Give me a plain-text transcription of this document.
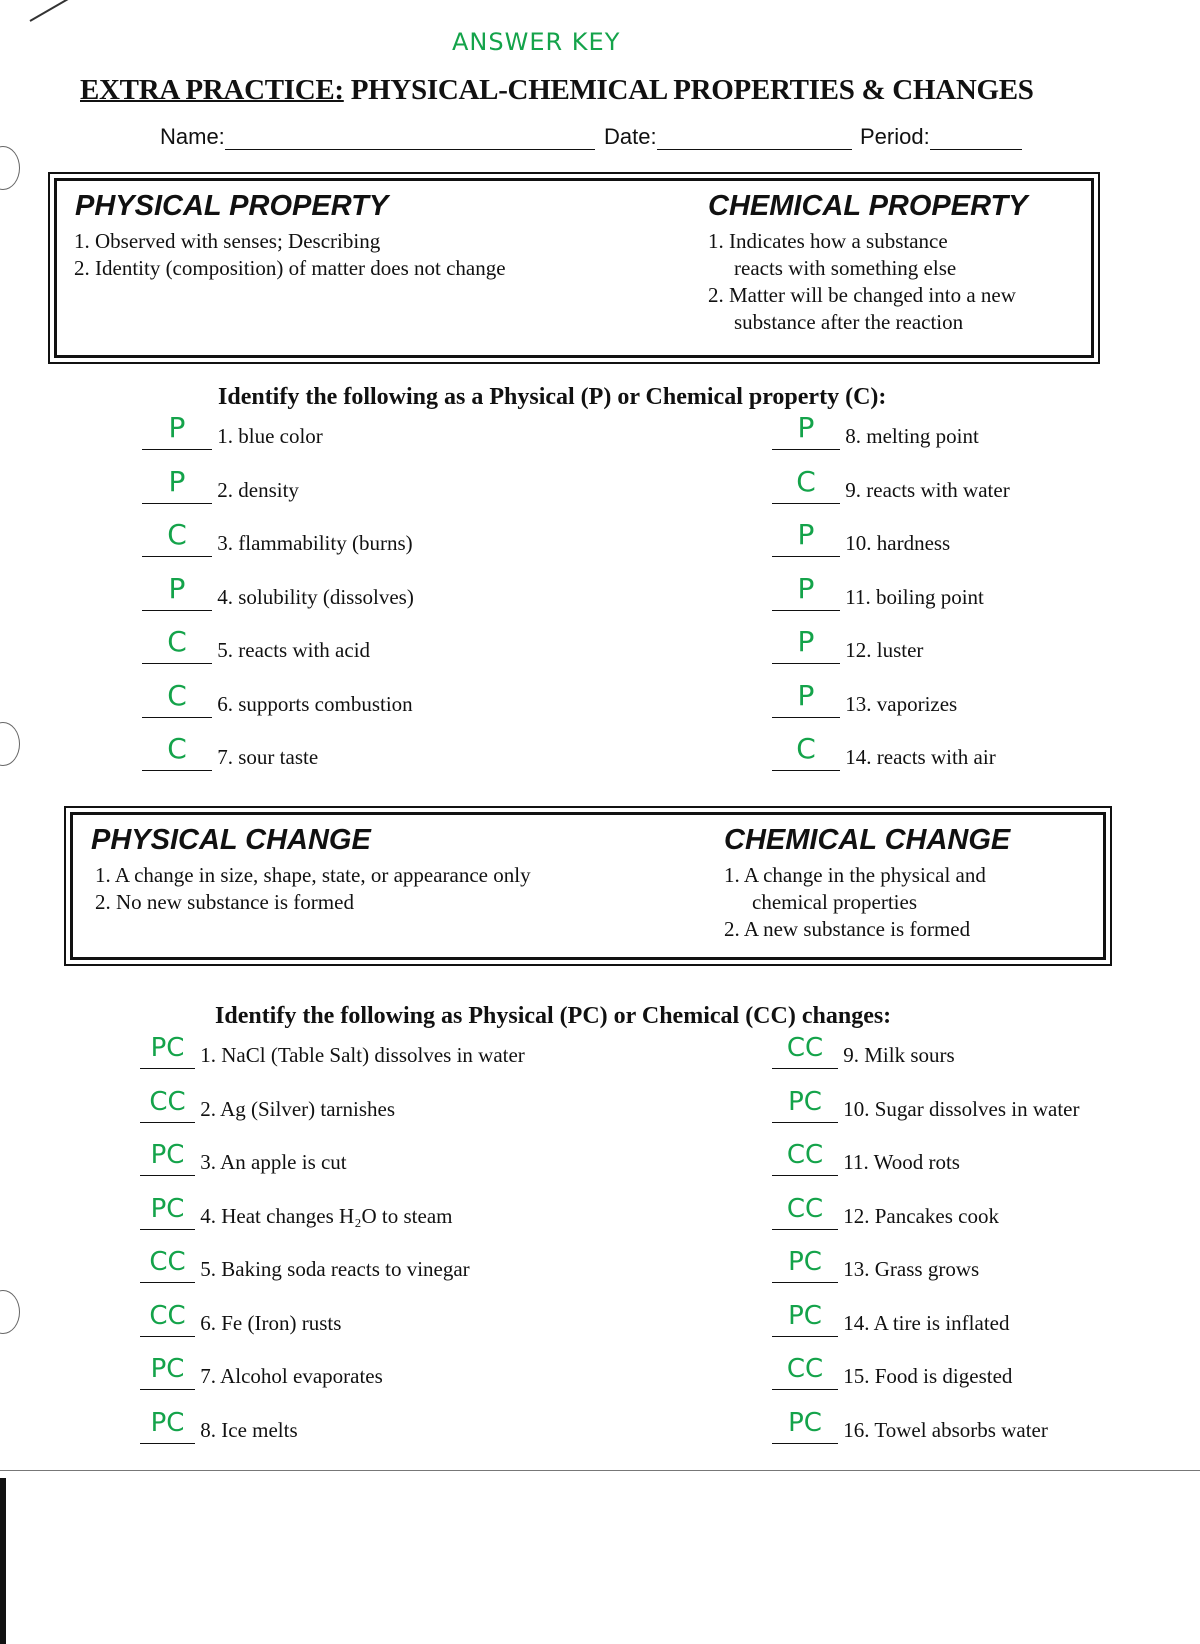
ANSWER KEY
EXTRA PRACTICE: PHYSICAL-CHEMICAL PROPERTIES & CHANGES
Name:	Date:	Period:
PHYSICAL PROPERTY
1. Observed with senses; Describing
2. Identity (composition) of matter does not change
CHEMICAL PROPERTY
1. Indicates how a substance
reacts with something else
2. Matter will be changed into a new
substance after the reaction
Identify the following as a Physical (P) or Chemical property (C):
P 1. blue color
P 2. density
C 3. flammability (burns)
P 4. solubility (dissolves)
C 5. reacts with acid
C 6. supports combustion
C 7. sour taste
P 8. melting point
C 9. reacts with water
P 10. hardness
P 11. boiling point
P 12. luster
P 13. vaporizes
C 14. reacts with air
PHYSICAL CHANGE
1. A change in size, shape, state, or appearance only
2. No new substance is formed
CHEMICAL CHANGE
1. A change in the physical and
chemical properties
2. A new substance is formed
Identify the following as Physical (PC) or Chemical (CC) changes:
PC 1. NaCl (Table Salt) dissolves in water
CC 2. Ag (Silver) tarnishes
PC 3. An apple is cut
PC 4. Heat changes H₂O to steam
CC 5. Baking soda reacts to vinegar
CC 6. Fe (Iron) rusts
PC 7. Alcohol evaporates
PC 8. Ice melts
CC 9. Milk sours
PC 10. Sugar dissolves in water
CC 11. Wood rots
CC 12. Pancakes cook
PC 13. Grass grows
PC 14. A tire is inflated
CC 15. Food is digested
PC 16. Towel absorbs water
